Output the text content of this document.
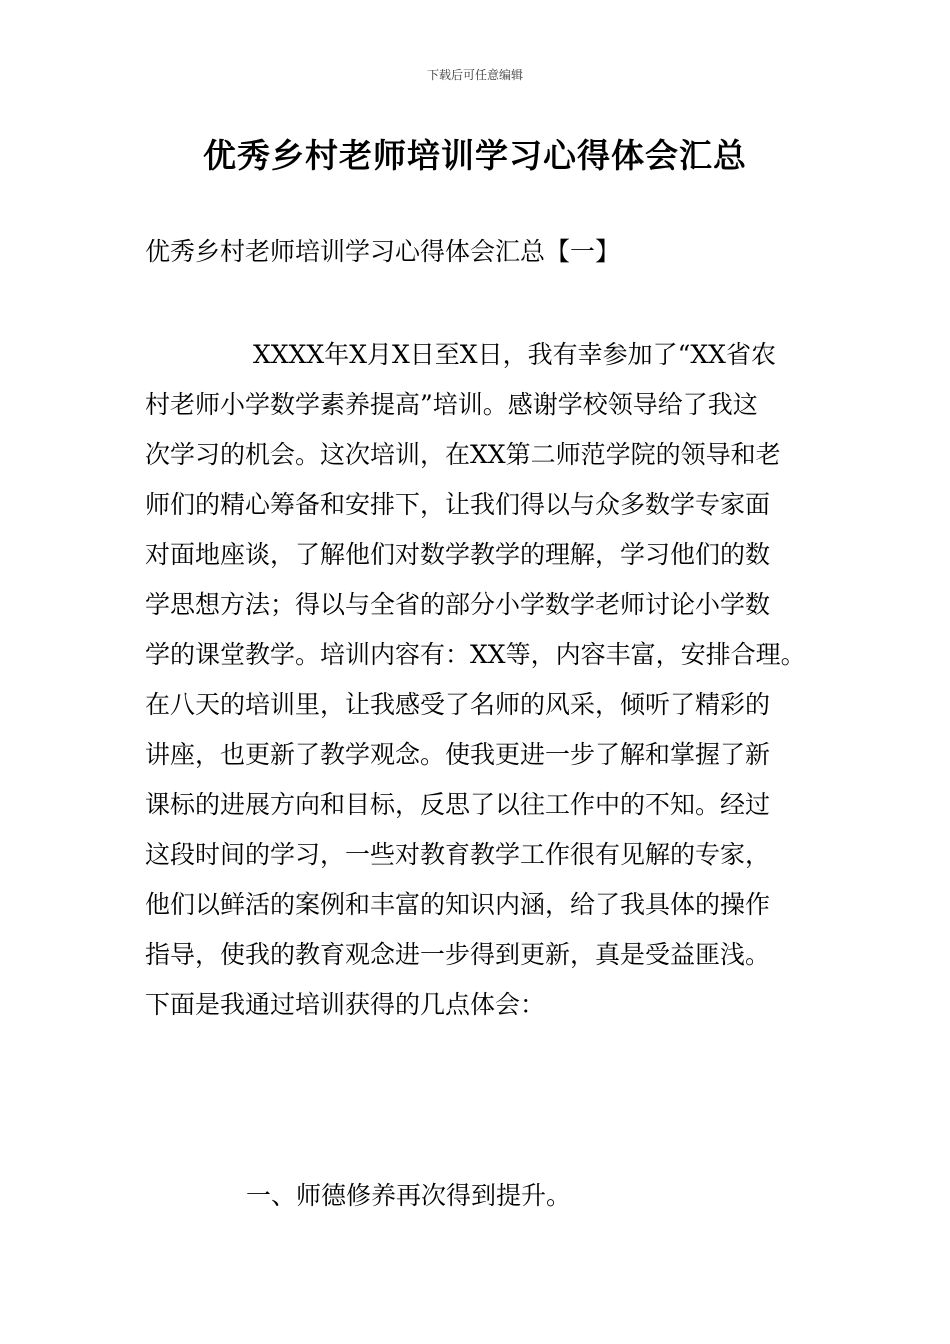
下载后可任意编辑
优秀乡村老师培训学习心得体会汇总
优秀乡村老师培训学习心得体会汇总【一】
XXXX年X月X日至X日，我有幸参加了“XX省农
村老师小学数学素养提高”培训。感谢学校领导给了我这
次学习的机会。这次培训，在XX第二师范学院的领导和老
师们的精心筹备和安排下，让我们得以与众多数学专家面
对面地座谈，了解他们对数学教学的理解，学习他们的数
学思想方法；得以与全省的部分小学数学老师讨论小学数
学的课堂教学。培训内容有：XX等，内容丰富，安排合理。
在八天的培训里，让我感受了名师的风采，倾听了精彩的
讲座，也更新了教学观念。使我更进一步了解和掌握了新
课标的进展方向和目标，反思了以往工作中的不知。经过
这段时间的学习，一些对教育教学工作很有见解的专家，
他们以鲜活的案例和丰富的知识内涵，给了我具体的操作
指导，使我的教育观念进一步得到更新，真是受益匪浅。
下面是我通过培训获得的几点体会：
一、师德修养再次得到提升。
